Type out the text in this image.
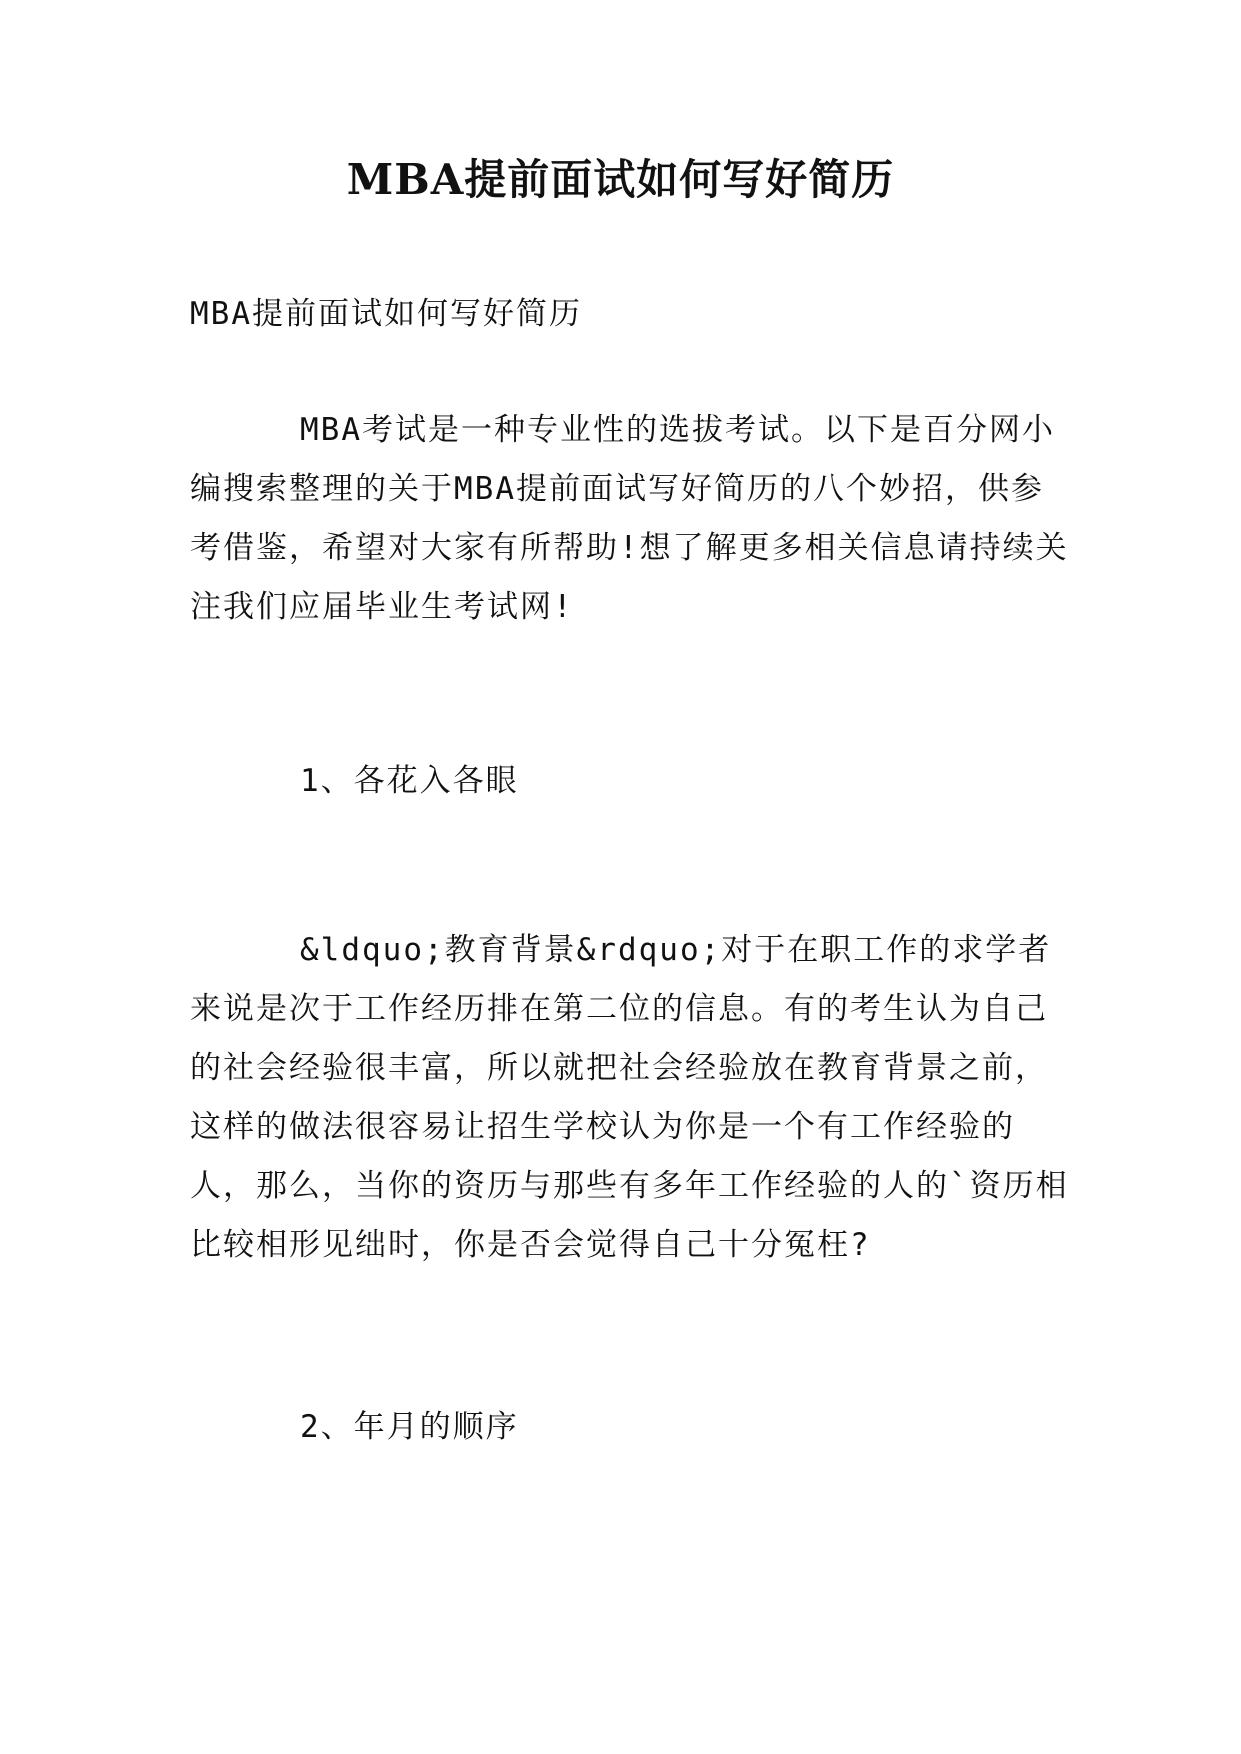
MBA提前面试如何写好简历

MBA提前面试如何写好简历

MBA考试是一种专业性的选拔考试。以下是百分网小编搜索整理的关于MBA提前面试写好简历的八个妙招，供参考借鉴，希望对大家有所帮助!想了解更多相关信息请持续关注我们应届毕业生考试网!

1、各花入各眼

&ldquo;教育背景&rdquo;对于在职工作的求学者来说是次于工作经历排在第二位的信息。有的考生认为自己的社会经验很丰富，所以就把社会经验放在教育背景之前，这样的做法很容易让招生学校认为你是一个有工作经验的人，那么，当你的资历与那些有多年工作经验的人的`资历相比较相形见绌时，你是否会觉得自己十分冤枉?

2、年月的顺序
